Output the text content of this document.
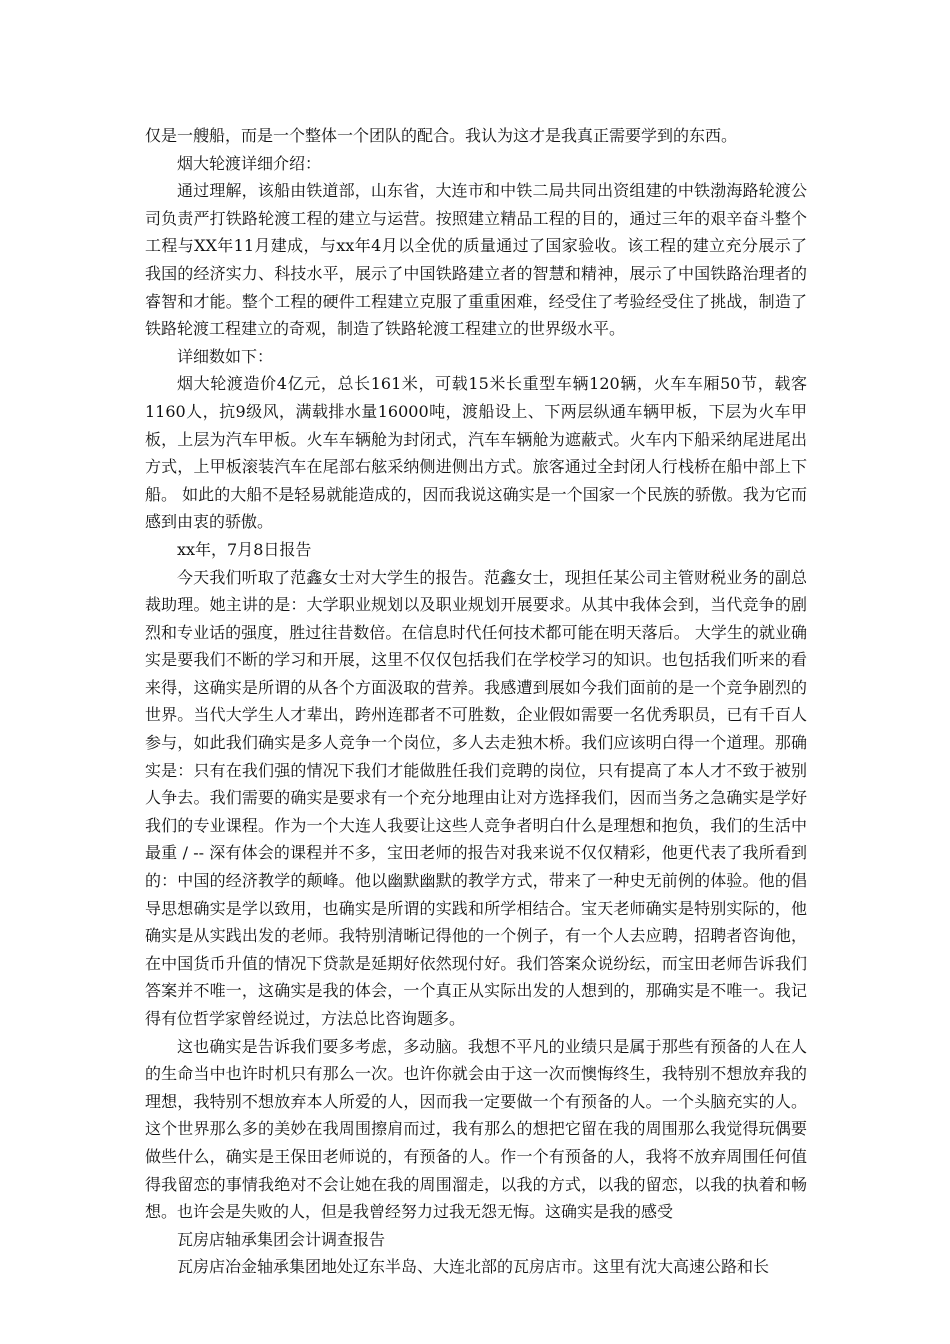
仅是一艘船，而是一个整体一个团队的配合。我认为这才是我真正需要学到的东西。

烟大轮渡详细介绍：

通过理解，该船由铁道部，山东省，大连市和中铁二局共同出资组建的中铁渤海路轮渡公司负责严打铁路轮渡工程的建立与运营。按照建立精品工程的目的，通过三年的艰辛奋斗整个工程与XX年11月建成，与xx年4月以全优的质量通过了国家验收。该工程的建立充分展示了我国的经济实力、科技水平，展示了中国铁路建立者的智慧和精神，展示了中国铁路治理者的睿智和才能。整个工程的硬件工程建立克服了重重困难，经受住了考验经受住了挑战，制造了铁路轮渡工程建立的奇观，制造了铁路轮渡工程建立的世界级水平。

详细数如下：

烟大轮渡造价4亿元，总长161米，可载15米长重型车辆120辆，火车车厢50节，载客1160人，抗9级风，满载排水量16000吨，渡船设上、下两层纵通车辆甲板，下层为火车甲板，上层为汽车甲板。火车车辆舱为封闭式，汽车车辆舱为遮蔽式。火车内下船采纳尾进尾出方式，上甲板滚装汽车在尾部右舷采纳侧进侧出方式。旅客通过全封闭人行栈桥在船中部上下船。 如此的大船不是轻易就能造成的，因而我说这确实是一个国家一个民族的骄傲。我为它而感到由衷的骄傲。

xx年，7月8日报告

今天我们听取了范鑫女士对大学生的报告。范鑫女士，现担任某公司主管财税业务的副总裁助理。她主讲的是：大学职业规划以及职业规划开展要求。从其中我体会到，当代竞争的剧烈和专业话的强度，胜过往昔数倍。在信息时代任何技术都可能在明天落后。 大学生的就业确实是要我们不断的学习和开展，这里不仅仅包括我们在学校学习的知识。也包括我们听来的看来得，这确实是所谓的从各个方面汲取的营养。我感遭到展如今我们面前的是一个竞争剧烈的世界。当代大学生人才辈出，跨州连郡者不可胜数，企业假如需要一名优秀职员，已有千百人参与，如此我们确实是多人竞争一个岗位，多人去走独木桥。我们应该明白得一个道理。那确实是：只有在我们强的情况下我们才能做胜任我们竞聘的岗位，只有提高了本人才不致于被别人争去。我们需要的确实是要求有一个充分地理由让对方选择我们，因而当务之急确实是学好我们的专业课程。作为一个大连人我要让这些人竞争者明白什么是理想和抱负，我们的生活中最重 / -- 深有体会的课程并不多，宝田老师的报告对我来说不仅仅精彩，他更代表了我所看到的：中国的经济教学的颠峰。他以幽默幽默的教学方式，带来了一种史无前例的体验。他的倡导思想确实是学以致用，也确实是所谓的实践和所学相结合。宝天老师确实是特别实际的，他确实是从实践出发的老师。我特别清晰记得他的一个例子，有一个人去应聘，招聘者咨询他，在中国货币升值的情况下贷款是延期好依然现付好。我们答案众说纷纭，而宝田老师告诉我们答案并不唯一，这确实是我的体会，一个真正从实际出发的人想到的，那确实是不唯一。我记得有位哲学家曾经说过，方法总比咨询题多。

这也确实是告诉我们要多考虑，多动脑。我想不平凡的业绩只是属于那些有预备的人在人的生命当中也许时机只有那么一次。也许你就会由于这一次而懊悔终生，我特别不想放弃我的理想，我特别不想放弃本人所爱的人，因而我一定要做一个有预备的人。一个头脑充实的人。这个世界那么多的美妙在我周围擦肩而过，我有那么的想把它留在我的周围那么我觉得玩偶要做些什么，确实是王保田老师说的，有预备的人。作一个有预备的人，我将不放弃周围任何值得我留恋的事情我绝对不会让她在我的周围溜走，以我的方式，以我的留恋，以我的执着和畅想。也许会是失败的人，但是我曾经努力过我无怨无悔。这确实是我的感受

瓦房店轴承集团会计调查报告

瓦房店冶金轴承集团地处辽东半岛、大连北部的瓦房店市。这里有沈大高速公路和长
